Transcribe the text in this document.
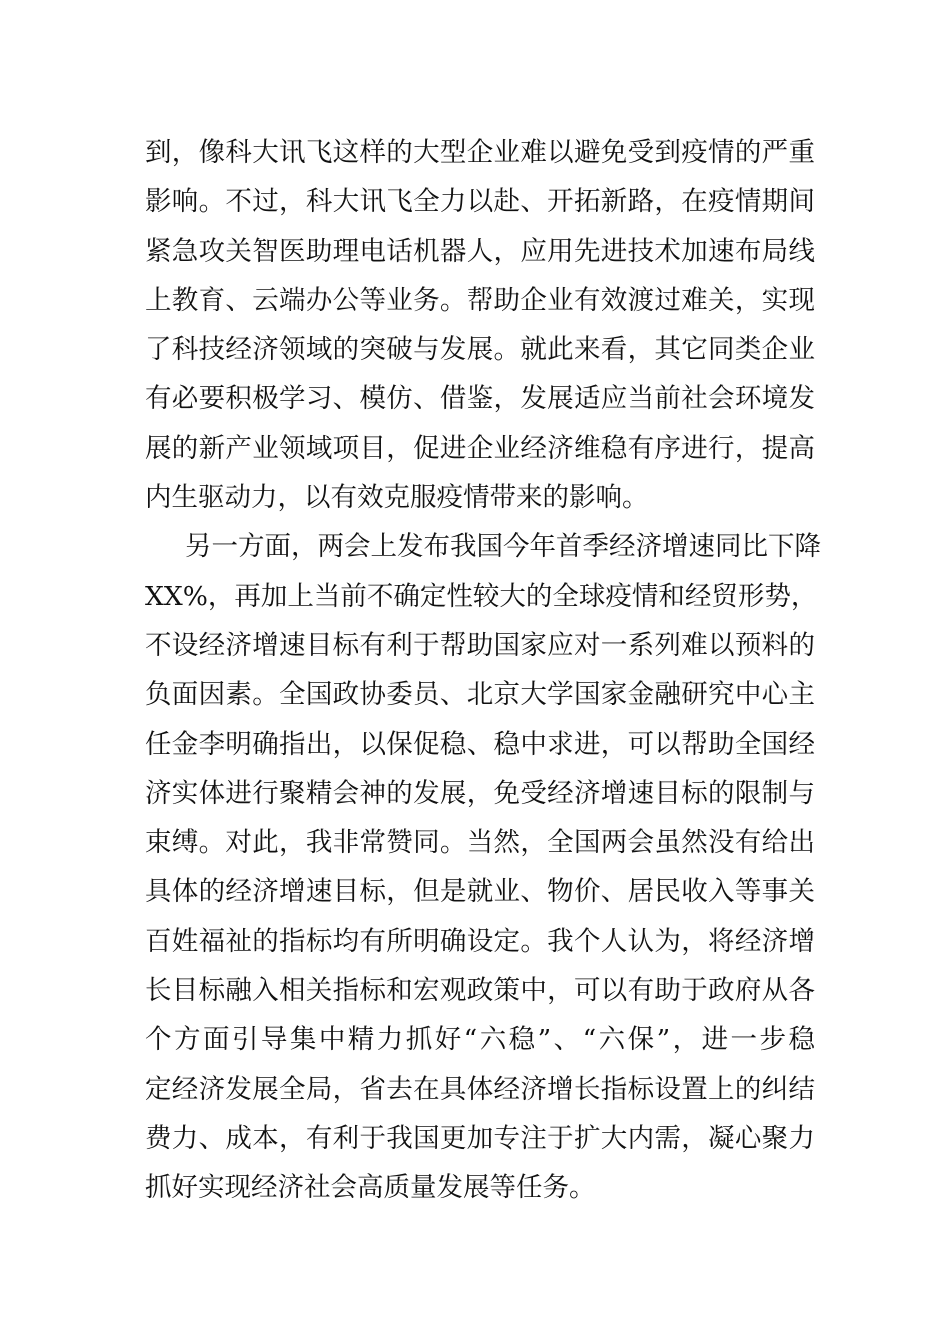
到，像科大讯飞这样的大型企业难以避免受到疫情的严重
影响。不过，科大讯飞全力以赴、开拓新路，在疫情期间
紧急攻关智医助理电话机器人，应用先进技术加速布局线
上教育、云端办公等业务。帮助企业有效渡过难关，实现
了科技经济领域的突破与发展。就此来看，其它同类企业
有必要积极学习、模仿、借鉴，发展适应当前社会环境发
展的新产业领域项目，促进企业经济维稳有序进行，提高
内生驱动力，以有效克服疫情带来的影响。
另一方面，两会上发布我国今年首季经济增速同比下降
XX%，再加上当前不确定性较大的全球疫情和经贸形势，
不设经济增速目标有利于帮助国家应对一系列难以预料的
负面因素。全国政协委员、北京大学国家金融研究中心主
任金李明确指出，以保促稳、稳中求进，可以帮助全国经
济实体进行聚精会神的发展，免受经济增速目标的限制与
束缚。对此，我非常赞同。当然，全国两会虽然没有给出
具体的经济增速目标，但是就业、物价、居民收入等事关
百姓福祉的指标均有所明确设定。我个人认为，将经济增
长目标融入相关指标和宏观政策中，可以有助于政府从各
个方面引导集中精力抓好“六稳”、“六保”，进一步稳
定经济发展全局，省去在具体经济增长指标设置上的纠结
费力、成本，有利于我国更加专注于扩大内需，凝心聚力
抓好实现经济社会高质量发展等任务。
